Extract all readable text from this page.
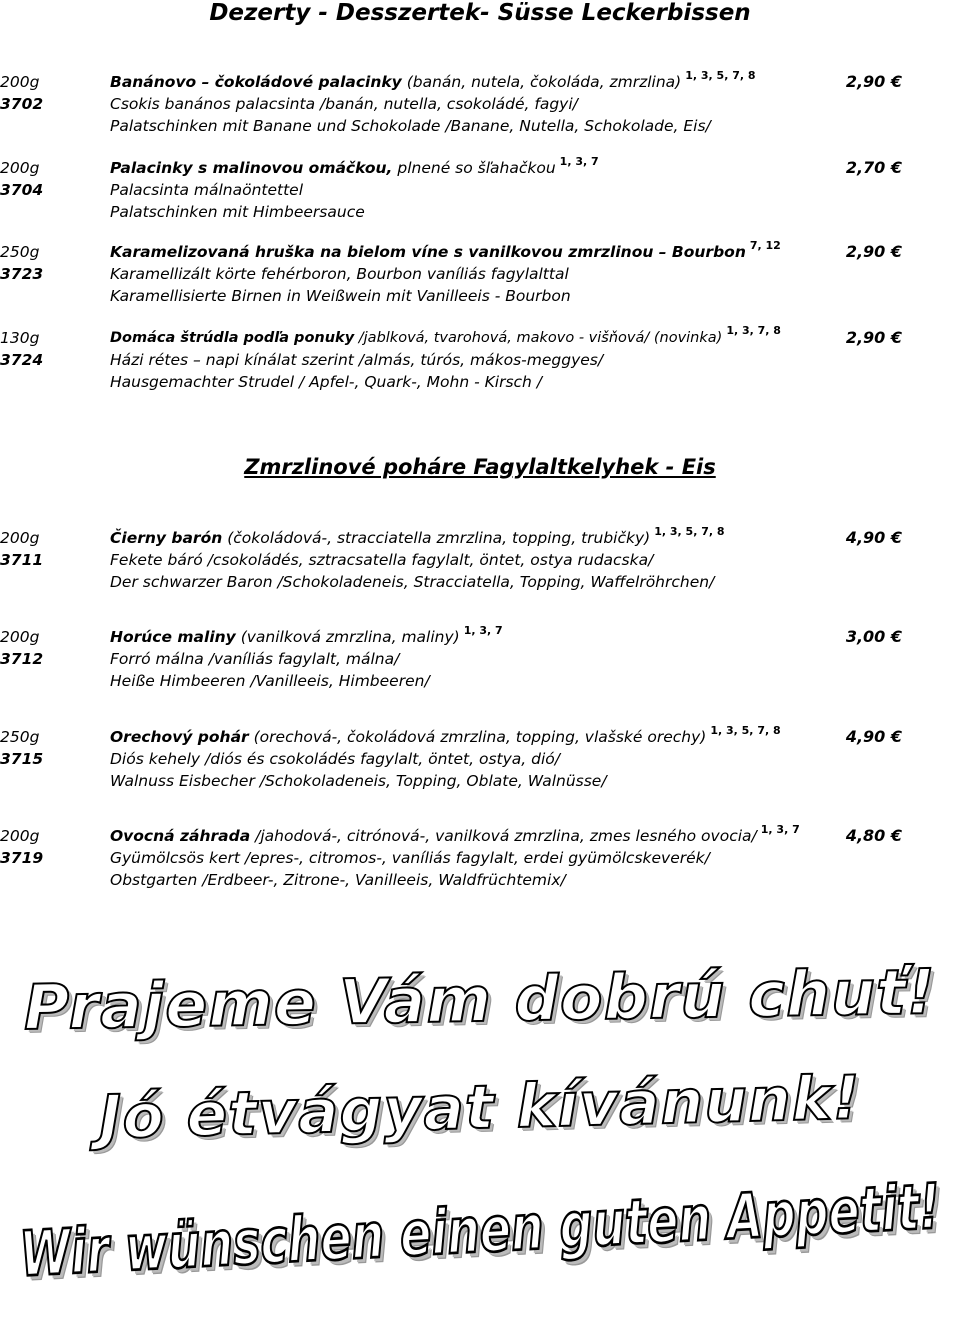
Dezerty - Desszertek- Süsse Leckerbissen
200g
3702
Banánovo – čokoládové palacinky (banán, nutela, čokoláda, zmrzlina) $^{1, 3, 5, 7, 8}$
Csokis banános palacsinta /banán, nutella, csokoládé, fagyi/
Palatschinken mit Banane und Schokolade /Banane, Nutella, Schokolade, Eis/
2,90 €
200g
3704
Palacinky s malinovou omáčkou, plnené so šľahačkou $^{1, 3, 7}$
Palacsinta málnaöntettel
Palatschinken mit Himbeersauce
2,70 €
250g
3723
Karamelizovaná hruška na bielom víne s vanilkovou zmrzlinou – Bourbon $^{7, 12}$
Karamellizált körte fehérboron, Bourbon vaníliás fagylalttal
Karamellisierte Birnen in Weißwein mit Vanilleeis - Bourbon
2,90 €
130g
3724
Domáca štrúdla podľa ponuky /jablková, tvarohová, makovo - višňová/ (novinka) $^{1, 3, 7, 8}$
Házi rétes – napi kínálat szerint /almás, túrós, mákos-meggyes/
Hausgemachter Strudel / Apfel-, Quark-, Mohn - Kirsch /
2,90 €
Zmrzlinové poháre Fagylaltkelyhek - Eis
200g
3711
Čierny barón (čokoládová-, stracciatella zmrzlina, topping, trubičky) $^{1, 3, 5, 7, 8}$
Fekete báró /csokoládés, sztracsatella fagylalt, öntet, ostya rudacska/
Der schwarzer Baron /Schokoladeneis, Stracciatella, Topping, Waffelröhrchen/
4,90 €
200g
3712
Horúce maliny (vanilková zmrzlina, maliny) $^{1, 3, 7}$
Forró málna /vaníliás fagylalt, málna/
Heiße Himbeeren /Vanilleeis, Himbeeren/
3,00 €
250g
3715
Orechový pohár (orechová-, čokoládová zmrzlina, topping, vlašské orechy) $^{1, 3, 5, 7, 8}$
Diós kehely /diós és csokoládés fagylalt, öntet, ostya, dió/
Walnuss Eisbecher /Schokoladeneis, Topping, Oblate, Walnüsse/
4,90 €
200g
3719
Ovocná záhrada /jahodová-, citrónová-, vanilková zmrzlina, zmes lesného ovocia/ $^{1, 3, 7}$
Gyümölcsös kert /epres-, citromos-, vaníliás fagylalt, erdei gyümölcskeverék/
Obstgarten /Erdbeer-, Zitrone-, Vanilleeis, Waldfrüchtemix/
4,80 €
Prajeme Vám dobrú chuť!
Jó étvágyat kívánunk!
Wir wünschen einen guten Appetit!
